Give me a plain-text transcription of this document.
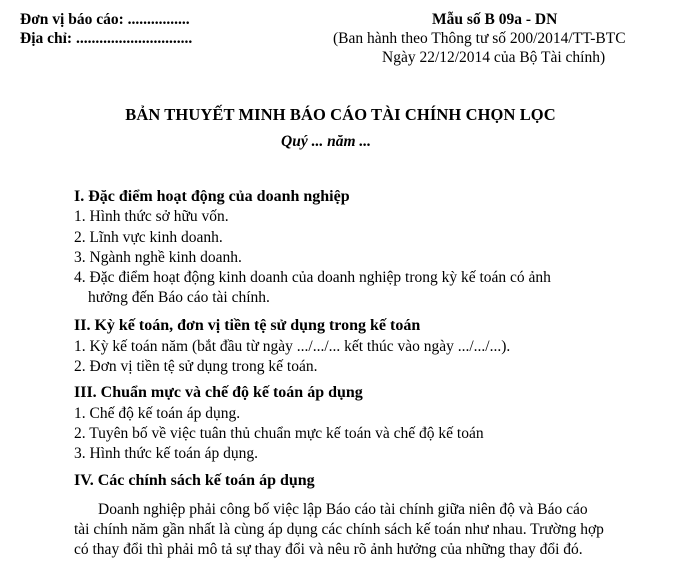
Đơn vị báo cáo: ................
Địa chỉ: ..............................
Mẫu số B 09a - DN
(Ban hành theo Thông tư số 200/2014/TT-BTC
Ngày 22/12/2014 của Bộ Tài chính)
BẢN THUYẾT MINH BÁO CÁO TÀI CHÍNH CHỌN LỌC
Quý ... năm ...
I. Đặc điểm hoạt động của doanh nghiệp
1. Hình thức sở hữu vốn.
2. Lĩnh vực kinh doanh.
3. Ngành nghề kinh doanh.
4. Đặc điểm hoạt động kinh doanh của doanh nghiệp trong kỳ kế toán có ảnh
hưởng đến Báo cáo tài chính.
II. Kỳ kế toán, đơn vị tiền tệ sử dụng trong kế toán
1. Kỳ kế toán năm (bắt đầu từ ngày .../.../... kết thúc vào ngày .../.../...).
2. Đơn vị tiền tệ sử dụng trong kế toán.
III. Chuẩn mực và chế độ kế toán áp dụng
1. Chế độ kế toán áp dụng.
2. Tuyên bố về việc tuân thủ chuẩn mực kế toán và chế độ kế toán
3. Hình thức kế toán áp dụng.
IV. Các chính sách kế toán áp dụng
Doanh nghiệp phải công bố việc lập Báo cáo tài chính giữa niên độ và Báo cáo
tài chính năm gần nhất là cùng áp dụng các chính sách kế toán như nhau. Trường hợp
có thay đổi thì phải mô tả sự thay đổi và nêu rõ ảnh hưởng của những thay đổi đó.
